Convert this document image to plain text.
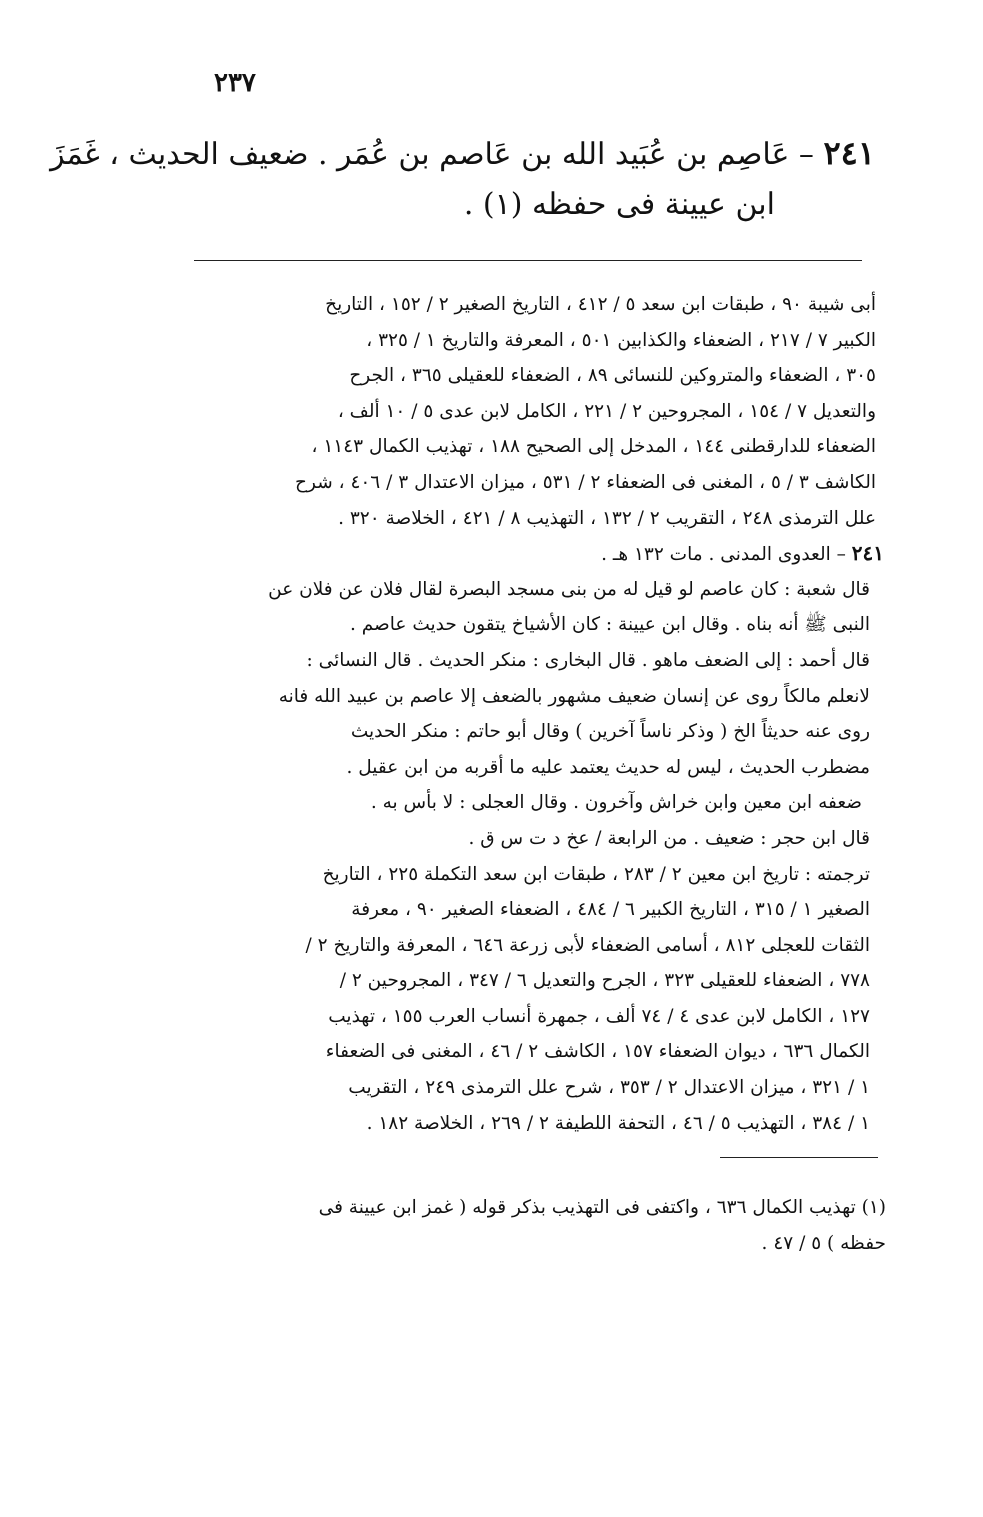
٢٣٧
٢٤١ – عَاصِم بن عُبَيد الله بن عَاصم بن عُمَر . ضعيف الحديث ، غَمَزَ
ابن عيينة فى حفظه (١) .
أبى شيبة ٩٠ ، طبقات ابن سعد ٥ / ٤١٢ ، التاريخ الصغير ٢ / ١٥٢ ، التاريخ
الكبير ٧ / ٢١٧ ، الضعفاء والكذابين ٥٠١ ، المعرفة والتاريخ ١ / ٣٢٥ ،
٣٠٥ ، الضعفاء والمتروكين للنسائى ٨٩ ، الضعفاء للعقيلى ٣٦٥ ، الجرح
والتعديل ٧ / ١٥٤ ، المجروحين ٢ / ٢٢١ ، الكامل لابن عدى ٥ / ١٠ ألف ،
الضعفاء للدارقطنى ١٤٤ ، المدخل إلى الصحيح ١٨٨ ، تهذيب الكمال ١١٤٣ ،
الكاشف ٣ / ٥ ، المغنى فى الضعفاء ٢ / ٥٣١ ، ميزان الاعتدال ٣ / ٤٠٦ ، شرح
علل الترمذى ٢٤٨ ، التقريب ٢ / ١٣٢ ، التهذيب ٨ / ٤٢١ ، الخلاصة ٣٢٠ .
٢٤١ – العدوى المدنى . مات ١٣٢ هـ .
قال شعبة : كان عاصم لو قيل له من بنى مسجد البصرة لقال فلان عن فلان عن
النبى ﷺ أنه بناه . وقال ابن عيينة : كان الأشياخ يتقون حديث عاصم .
قال أحمد : إلى الضعف ماهو . قال البخارى : منكر الحديث . قال النسائى :
لانعلم مالكاً روى عن إنسان ضعيف مشهور بالضعف إلا عاصم بن عبيد الله فانه
روى عنه حديثاً الخ ( وذكر ناساً آخرين ) وقال أبو حاتم : منكر الحديث
مضطرب الحديث ، ليس له حديث يعتمد عليه ما أقربه من ابن عقيل .
ضعفه ابن معين وابن خراش وآخرون . وقال العجلى : لا بأس به .
قال ابن حجر : ضعيف . من الرابعة / عخ د ت س ق .
ترجمته : تاريخ ابن معين ٢ / ٢٨٣ ، طبقات ابن سعد التكملة ٢٢٥ ، التاريخ
الصغير ١ / ٣١٥ ، التاريخ الكبير ٦ / ٤٨٤ ، الضعفاء الصغير ٩٠ ، معرفة
الثقات للعجلى ٨١٢ ، أسامى الضعفاء لأبى زرعة ٦٤٦ ، المعرفة والتاريخ ٢ /
٧٧٨ ، الضعفاء للعقيلى ٣٢٣ ، الجرح والتعديل ٦ / ٣٤٧ ، المجروحين ٢ /
١٢٧ ، الكامل لابن عدى ٤ / ٧٤ ألف ، جمهرة أنساب العرب ١٥٥ ، تهذيب
الكمال ٦٣٦ ، ديوان الضعفاء ١٥٧ ، الكاشف ٢ / ٤٦ ، المغنى فى الضعفاء
١ / ٣٢١ ، ميزان الاعتدال ٢ / ٣٥٣ ، شرح علل الترمذى ٢٤٩ ، التقريب
١ / ٣٨٤ ، التهذيب ٥ / ٤٦ ، التحفة اللطيفة ٢ / ٢٦٩ ، الخلاصة ١٨٢ .
(١) تهذيب الكمال ٦٣٦ ، واكتفى فى التهذيب بذكر قوله ( غمز ابن عيينة فى
حفظه ) ٥ / ٤٧ .
